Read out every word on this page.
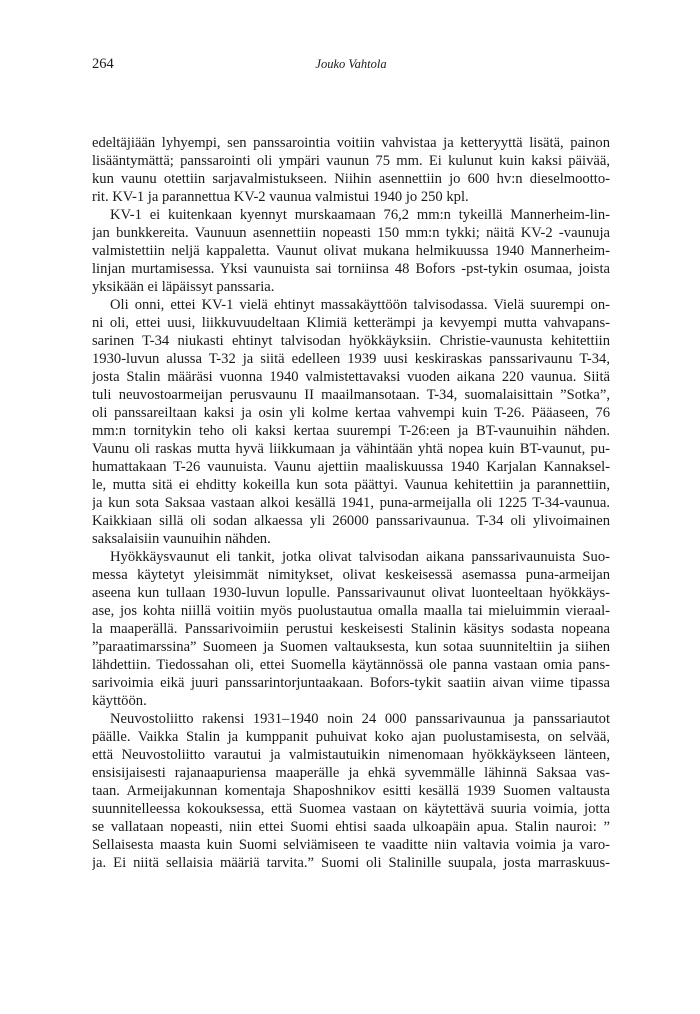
264	Jouko Vahtola
edeltäjiään lyhyempi, sen panssarointia voitiin vahvistaa ja ketteryyttä lisätä, painon
lisääntymättä; panssarointi oli ympäri vaunun 75 mm. Ei kulunut kuin kaksi päivää,
kun vaunu otettiin sarjavalmistukseen. Niihin asennettiin jo 600 hv:n dieselmootto-
rit. KV-1 ja parannettua KV-2 vaunua valmistui 1940 jo 250 kpl.
KV-1 ei kuitenkaan kyennyt murskaamaan 76,2 mm:n tykeillä Mannerheim-lin-
jan bunkkereita. Vaunuun asennettiin nopeasti 150 mm:n tykki; näitä KV-2 -vaunuja
valmistettiin neljä kappaletta. Vaunut olivat mukana helmikuussa 1940 Mannerheim-
linjan murtamisessa. Yksi vaunuista sai torniinsa 48 Bofors -pst-tykin osumaa, joista
yksikään ei läpäissyt panssaria.
Oli onni, ettei KV-1 vielä ehtinyt massakäyttöön talvisodassa. Vielä suurempi on-
ni oli, ettei uusi, liikkuvuudeltaan Klimiä ketterämpi ja kevyempi mutta vahvapans-
sarinen T-34 niukasti ehtinyt talvisodan hyökkäyksiin. Christie-vaunusta kehitettiin
1930-luvun alussa T-32 ja siitä edelleen 1939 uusi keskiraskas panssarivaunu T-34,
josta Stalin määräsi vuonna 1940 valmistettavaksi vuoden aikana 220 vaunua. Siitä
tuli neuvostoarmeijan perusvaunu II maailmansotaan. T-34, suomalaisittain ”Sotka”,
oli panssareiltaan kaksi ja osin yli kolme kertaa vahvempi kuin T-26. Pääaseen, 76
mm:n tornitykin teho oli kaksi kertaa suurempi T-26:een ja BT-vaunuihin nähden.
Vaunu oli raskas mutta hyvä liikkumaan ja vähintään yhtä nopea kuin BT-vaunut, pu-
humattakaan T-26 vaunuista. Vaunu ajettiin maaliskuussa 1940 Karjalan Kannaksel-
le, mutta sitä ei ehditty kokeilla kun sota päättyi. Vaunua kehitettiin ja parannettiin,
ja kun sota Saksaa vastaan alkoi kesällä 1941, puna-armeijalla oli 1225 T-34-vaunua.
Kaikkiaan sillä oli sodan alkaessa yli 26000 panssarivaunua. T-34 oli ylivoimainen
saksalaisiin vaunuihin nähden.
Hyökkäysvaunut eli tankit, jotka olivat talvisodan aikana panssarivaunuista Suo-
messa käytetyt yleisimmät nimitykset, olivat keskeisessä asemassa puna-armeijan
aseena kun tullaan 1930-luvun lopulle. Panssarivaunut olivat luonteeltaan hyökkäys-
ase, jos kohta niillä voitiin myös puolustautua omalla maalla tai mieluimmin vieraal-
la maaperällä. Panssarivoimiin perustui keskeisesti Stalinin käsitys sodasta nopeana
”paraatimarssina” Suomeen ja Suomen valtauksesta, kun sotaa suunniteltiin ja siihen
lähdettiin. Tiedossahan oli, ettei Suomella käytännössä ole panna vastaan omia pans-
sarivoimia eikä juuri panssarintorjuntaakaan. Bofors-tykit saatiin aivan viime tipassa
käyttöön.
Neuvostoliitto rakensi 1931–1940 noin 24 000 panssarivaunua ja panssariautot
päälle. Vaikka Stalin ja kumppanit puhuivat koko ajan puolustamisesta, on selvää,
että Neuvostoliitto varautui ja valmistautuikin nimenomaan hyökkäykseen länteen,
ensisijaisesti rajanaapuriensa maaperälle ja ehkä syvemmälle lähinnä Saksaa vas-
taan. Armeijakunnan komentaja Shaposhnikov esitti kesällä 1939 Suomen valtausta
suunnitelleessa kokouksessa, että Suomea vastaan on käytettävä suuria voimia, jotta
se vallataan nopeasti, niin ettei Suomi ehtisi saada ulkoapäin apua. Stalin nauroi: ”
Sellaisesta maasta kuin Suomi selviämiseen te vaaditte niin valtavia voimia ja varo-
ja. Ei niitä sellaisia määriä tarvita.” Suomi oli Stalinille suupala, josta marraskuus-
